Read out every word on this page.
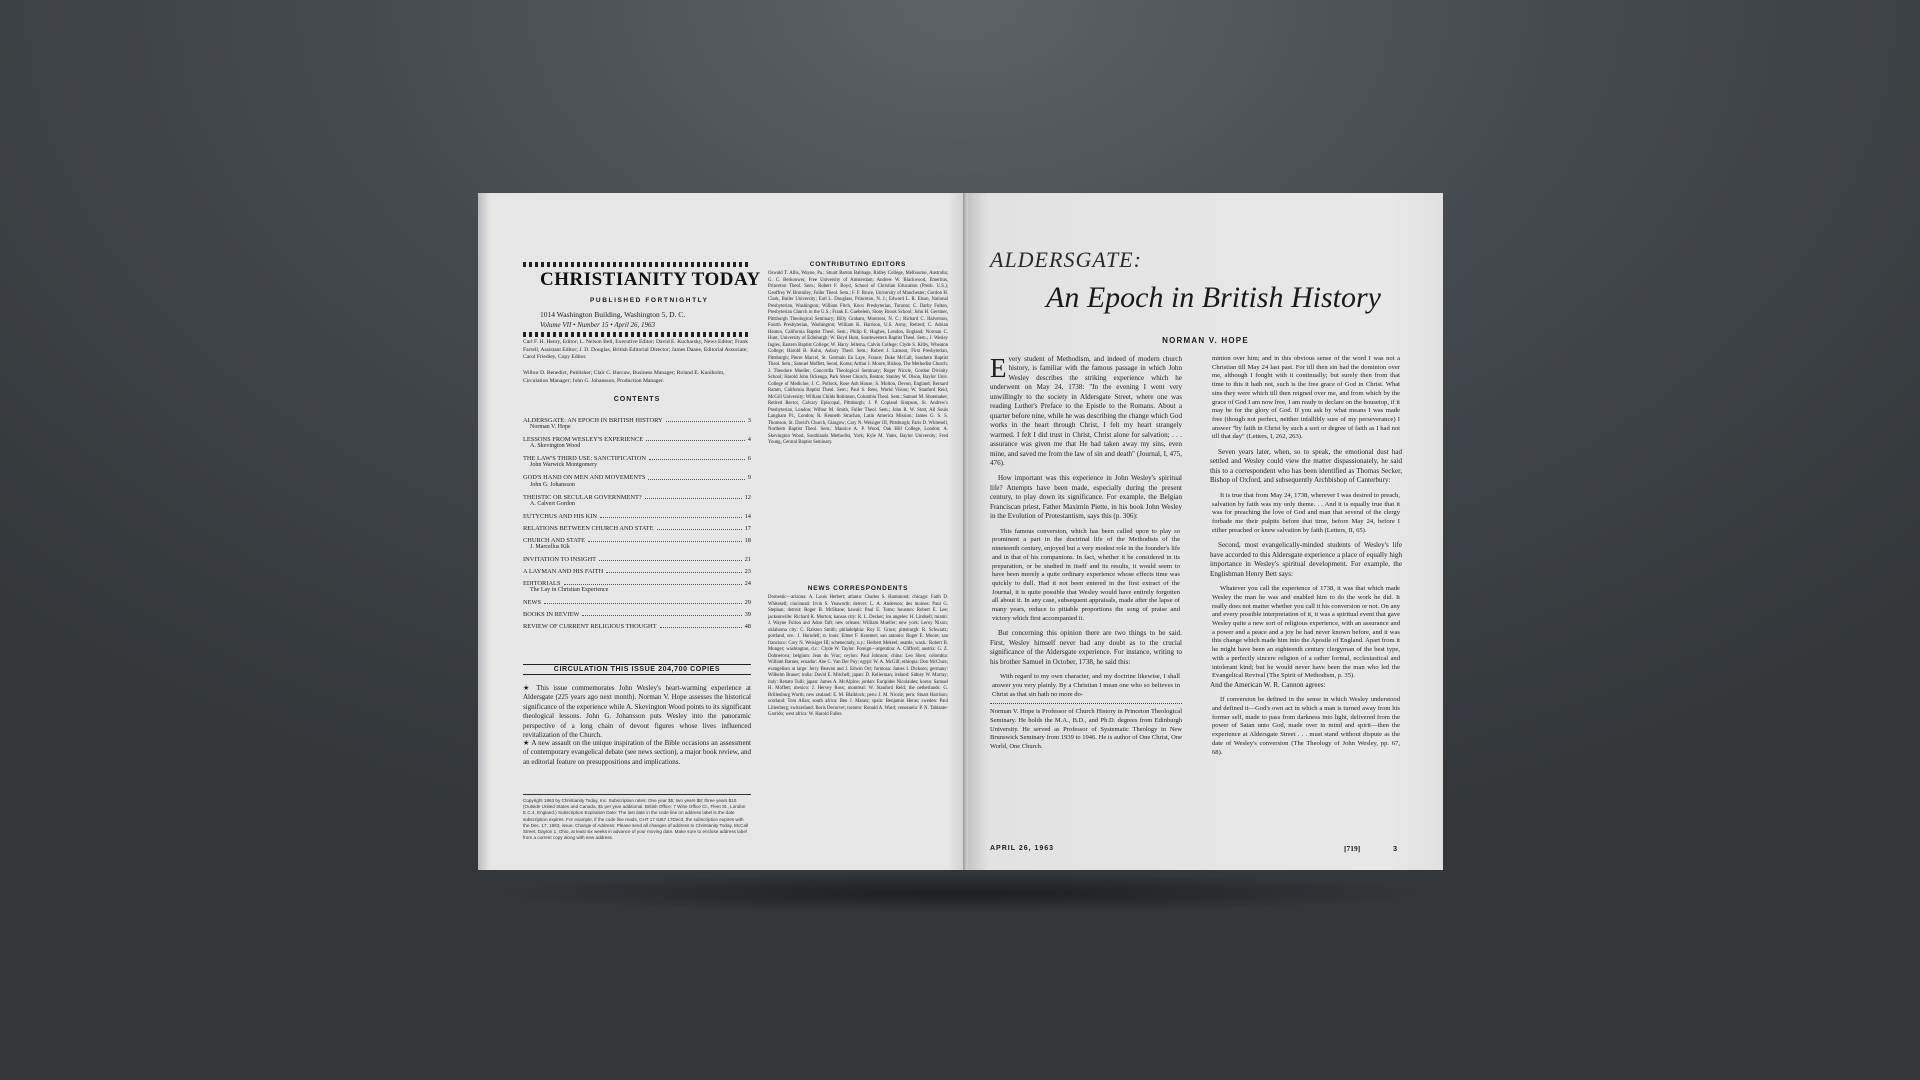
CHRISTIANITY TODAY
PUBLISHED FORTNIGHTLY
1014 Washington Building, Washington 5, D. C.
Volume VII • Number 15 • April 26, 1963
Carl F. H. Henry, Editor; L. Nelson Bell, Executive Editor; David E. Kucharsky, News Editor; Frank Farrell, Assistant Editor; J. D. Douglas, British Editorial Director; James Daane, Editorial Associate; Carol Friedley, Copy Editor.
Wilbur D. Benedict, Publisher; Clair C. Burcaw, Business Manager; Roland E. Kuniholm, Circulation Manager; John G. Johansson, Production Manager.
CONTENTS
ALDERSGATE: AN EPOCH IN BRITISH HISTORY	3
Norman V. Hope
LESSONS FROM WESLEY'S EXPERIENCE	4
A. Skevington Wood
THE LAW'S THIRD USE: SANCTIFICATION	6
John Warwick Montgomery
GOD'S HAND ON MEN AND MOVEMENTS	9
John G. Johansson
THEISTIC OR SECULAR GOVERNMENT?	12
A. Calvert Gordon
EUTYCHUS AND HIS KIN	14
RELATIONS BETWEEN CHURCH AND STATE	17
CHURCH AND STATE	18
J. Marcellus Kik
INVITATION TO INSIGHT	21
A LAYMAN AND HIS FAITH	23
EDITORIALS	24
The Lay in Christian Experience
NEWS	29
BOOKS IN REVIEW	39
REVIEW OF CURRENT RELIGIOUS THOUGHT	48
CIRCULATION THIS ISSUE 204,700 COPIES
★ This issue commemorates John Wesley's heart-warming experience at Aldersgate (225 years ago next month). Norman V. Hope assesses the historical significance of the experience while A. Skevington Wood points to its significant theological lessons. John G. Johansson puts Wesley into the panoramic perspective of a long chain of devout figures whose lives influenced revitalization of the Church.
★ A new assault on the unique inspiration of the Bible occasions an assessment of contemporary evangelical debate (see news section), a major book review, and an editorial feature on presuppositions and implications.
Copyright 1963 by Christianity Today, Inc. Subscription rates: One year $5; two years $8; three years $10. (Outside United States and Canada, $1 per year additional. British Office: 7 Wine Office Ct., Fleet St., London E.C.4, England.) Subscription Expiration Date: The last date in the code line on address label is the date subscription expires. For example, if the code line reads, CHT 17 8J67 17Dec3, the subscription expires with the Dec. 17, 1963, issue. Change of Address: Please send all changes of address to Christianity Today, McCall Street, Dayton 1, Ohio, at least six weeks in advance of your moving date. Make sure to enclose address label from a current copy along with new address.
CONTRIBUTING EDITORS
Oswald T. Allis, Wayne, Pa.; Stuart Barton Babbage, Ridley College, Melbourne, Australia; G. C. Berkouwer, Free University of Amsterdam; Andrew W. Blackwood, Emeritus, Princeton Theol. Sem.; Robert F. Boyd, School of Christian Education (Presb. U.S.); Geoffrey W. Bromiley, Fuller Theol. Sem.; F. F. Bruce, University of Manchester; Gordon H. Clark, Butler University; Earl L. Douglass, Princeton, N. J.; Edward L. R. Elson, National Presbyterian, Washington; William Fitch, Knox Presbyterian, Toronto; C. Darby Fulton, Presbyterian Church in the U.S.; Frank E. Gaebelein, Stony Brook School; John H. Gerstner, Pittsburgh Theological Seminary; Billy Graham, Montreat, N. C.; Richard C. Halverson, Fourth Presbyterian, Washington; William K. Harrison, U.S. Army, Retired; C. Adrian Heaton, California Baptist Theol. Sem.; Philip E. Hughes, London, England; Norman C. Hunt, University of Edinburgh; W. Boyd Hunt, Southwestern Baptist Theol. Sem.; J. Wesley Ingles, Eastern Baptist College; W. Harry Jellema, Calvin College; Clyde S. Kilby, Wheaton College; Harold B. Kuhn, Asbury Theol. Sem.; Robert J. Lamont, First Presbyterian, Pittsburgh; Pierre Marcel, St. Germain En Laye, France; Duke McCall, Southern Baptist Theol. Sem.; Samuel Moffett, Seoul, Korea; Arthur J. Moore, Bishop, The Methodist Church; J. Theodore Mueller, Concordia Theological Seminary; Roger Nicole, Gordon Divinity School; Harold John Ockenga, Park Street Church, Boston; Stanley W. Olson, Baylor Univ. College of Medicine; J. C. Pollock, Rose Ash House, S. Molton, Devon, England; Bernard Ramm, California Baptist Theol. Sem.; Paul S. Rees, World Vision; W. Stanford Reid, McGill University; William Childs Robinson, Columbia Theol. Sem.; Samuel M. Shoemaker, Retired Rector, Calvary Episcopal, Pittsburgh; J. P. Copland Simpson, St. Andrew's Presbyterian, London; Wilbur M. Smith, Fuller Theol. Sem.; John R. W. Stott, All Souls Langham Pl., London; R. Kenneth Strachan, Latin America Mission; James G. S. S. Thomson, St. David's Church, Glasgow; Cary N. Weisiger III, Pittsburgh; Faris D. Whitesell, Northern Baptist Theol. Sem.; Maurice A. P. Wood, Oak Hill College, London; A. Skevington Wood, Southlands Methodist, York; Kyle M. Yates, Baylor University; Fred Young, Central Baptist Seminary.
NEWS CORRESPONDENTS
Domestic—arizona: A. Louis Herbert; atlanta: Charles S. Hammond; chicago: Faith D. Whitesell; cincinnati: Irvin S. Yeaworth; denver: L. A. Anderson; des moines: Paul G. Stephan; detroit: Roger B. McShane; hawaii: Paul E. Toms; houston: Robert E. Lee; jacksonville: Richard K. Morton; kansas city: R. L. Decker; los angeles: H. Lindsell; miami: J. Wayne Fulton and Adon Taft; new orleans: William Mueller; new york: Leroy Nixon; oklahoma city: C. Ralston Smith; philadelphia: Roy E. Grace; pittsburgh: R. Schwartz; portland, ore.: J. Hurndell; st. louis: Elmer F. Kraemer; san antonio: Roger E. Moore; san francisco: Cary N. Weisiger III; schenectady, n.y.: Herbert Mekeel; seattle, wash.: Robert B. Munger; washington, d.c.: Clyde W. Taylor. Foreign—argentina: A. Clifford; austria: G. Z. Dobnerova; belgium: Jean du Vrac; ceylon: Paul Johnson; china: Leo Shen; colombia: William Barnes; ecuador: Abe C. Van Der Puy; egypt: W. A. McGill; ethiopia: Don McClure; evangelism at large: Jerry Beavan and J. Edwin Orr; formosa: James I. Dickson; germany: Wilhelm Brauer; india: David E. Mitchell; japan: D. Kellerman; ireland: Sidney W. Murray; italy: Renato Tulli; japan: James A. McAlpine; jordan: Euripides Nicolaides; korea: Samuel H. Moffett; mexico: J. Hervey Ross; montreal: W. Stanford Reid; the netherlands: G. Brillenburg Wurth; new zealand: E. M. Blaiklock; peru: J. M. Nicole; peru: Stuart Harrison; scotland: Tom Allan; south africa: Ben J. Marais; spain: Benjamin Heras; sweden: Paul Lilienberg; switzerland: Boris Decorvet; toronto: Ronald A. Ward; venezuela: P. N. Tablante-Garrido; west africa: W. Harold Fuller.
ALDERSGATE:
An Epoch in British History
NORMAN V. HOPE

Every student of Methodism, and indeed of modern church history, is familiar with the famous passage in which John Wesley describes the striking experience which he underwent on May 24, 1738: "In the evening I went very unwillingly to the society in Aldersgate Street, where one was reading Luther's Preface to the Epistle to the Romans. About a quarter before nine, while he was describing the change which God works in the heart through Christ, I felt my heart strangely warmed. I felt I did trust in Christ, Christ alone for salvation; . . . assurance was given me that He had taken away my sins, even mine, and saved me from the law of sin and death" (Journal, I, 475, 476).

How important was this experience in John Wesley's spiritual life? Attempts have been made, especially during the present century, to play down its significance. For example, the Belgian Franciscan priest, Father Maximin Piette, in his book John Wesley in the Evolution of Protestantism, says this (p. 306):

This famous conversion, which has been called upon to play so prominent a part in the doctrinal life of the Methodists of the nineteenth century, enjoyed but a very modest role in the founder's life and in that of his companions. In fact, whether it be considered in its preparation, or be studied in itself and its results, it would seem to have been merely a quite ordinary experience whose effects time was quickly to dull. Had it not been entered in the first extract of the Journal, it is quite possible that Wesley would have entirely forgotten all about it. In any case, subsequent appraisals, made after the lapse of many years, reduce to pitiable proportions the song of praise and victory which first accompanied it.

But concerning this opinion there are two things to be said. First, Wesley himself never had any doubt as to the crucial significance of the Aldersgate experience. For instance, writing to his brother Samuel in October, 1738, he said this:

With regard to my own character, and my doctrine likewise, I shall answer you very plainly. By a Christian I mean one who so believes in Christ as that sin hath no more do-

Norman V. Hope is Professor of Church History in Princeton Theological Seminary. He holds the M.A., B.D., and Ph.D. degrees from Edinburgh University. He served as Professor of Systematic Theology in New Brunswick Seminary from 1939 to 1946. He is author of One Christ, One World, One Church.

minion over him; and in this obvious sense of the word I was not a Christian till May 24 last past. For till then sin had the dominion over me, although I fought with it continually; but surely then from that time to this it hath not, such is the free grace of God in Christ. What sins they were which till then reigned over me, and from which by the grace of God I am now free, I am ready to declare on the housetop, if it may be for the glory of God. If you ask by what means I was made free (though not perfect, neither infallibly sure of my perseverance) I answer "by faith in Christ by such a sort or degree of faith as I had not till that day" (Letters, I, 262, 263).

Seven years later, when, so to speak, the emotional dust had settled and Wesley could view the matter dispassionately, he said this to a correspondent who has been identified as Thomas Secker, Bishop of Oxford, and subsequently Archbishop of Canterbury:

It is true that from May 24, 1738, wherever I was desired to preach, salvation by faith was my only theme. . . And it is equally true that it was for preaching the love of God and man that several of the clergy forbade me their pulpits before that time, before May 24, before I either preached or knew salvation by faith (Letters, II, 65).

Second, most evangelically-minded students of Wesley's life have accorded to this Aldersgate experience a place of equally high importance in Wesley's spiritual development. For example, the Englishman Henry Bett says:

Whatever you call the experience of 1738, it was that which made Wesley the man he was and enabled him to do the work he did. It really does not matter whether you call it his conversion or not. On any and every possible interpretation of it, it was a spiritual event that gave Wesley quite a new sort of religious experience, with an assurance and a power and a peace and a joy he had never known before, and it was this change which made him into the Apostle of England. Apart from it he might have been an eighteenth century clergyman of the best type, with a perfectly sincere religion of a rather formal, ecclesiastical and intolerant kind; but he would never have been the man who led the Evangelical Revival (The Spirit of Methodism, p. 35).

And the American W. R. Cannon agrees:

If conversion be defined in the sense in which Wesley understood and defined it—God's own act in which a man is turned away from his former self, made to pass from darkness into light, delivered from the power of Satan unto God, made over in mind and spirit—then the experience at Aldersgate Street . . . must stand without dispute as the date of Wesley's conversion (The Theology of John Wesley, pp. 67, 68).

APRIL 26, 1963	[719]	3
